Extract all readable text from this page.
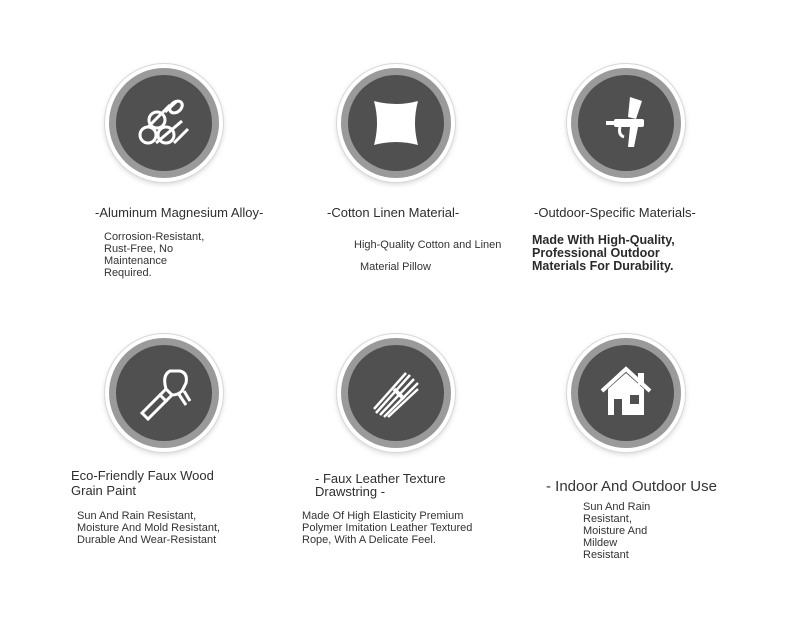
-Aluminum Magnesium Alloy-

Corrosion-Resistant,
Rust-Free, No
Maintenance
Required.

-Cotton Linen Material-

High-Quality Cotton and Linen
Material Pillow

-Outdoor-Specific Materials-

Made With High-Quality,
Professional Outdoor
Materials For Durability.
Eco-Friendly Faux Wood
Grain Paint
Sun And Rain Resistant,
Moisture And Mold Resistant,
Durable And Wear-Resistant
- Faux Leather Texture
Drawstring -
Made Of High Elasticity Premium
Polymer Imitation Leather Textured
Rope, With A Delicate Feel.

- Indoor And Outdoor Use

Sun And Rain
Resistant,
Moisture And
Mildew
Resistant
